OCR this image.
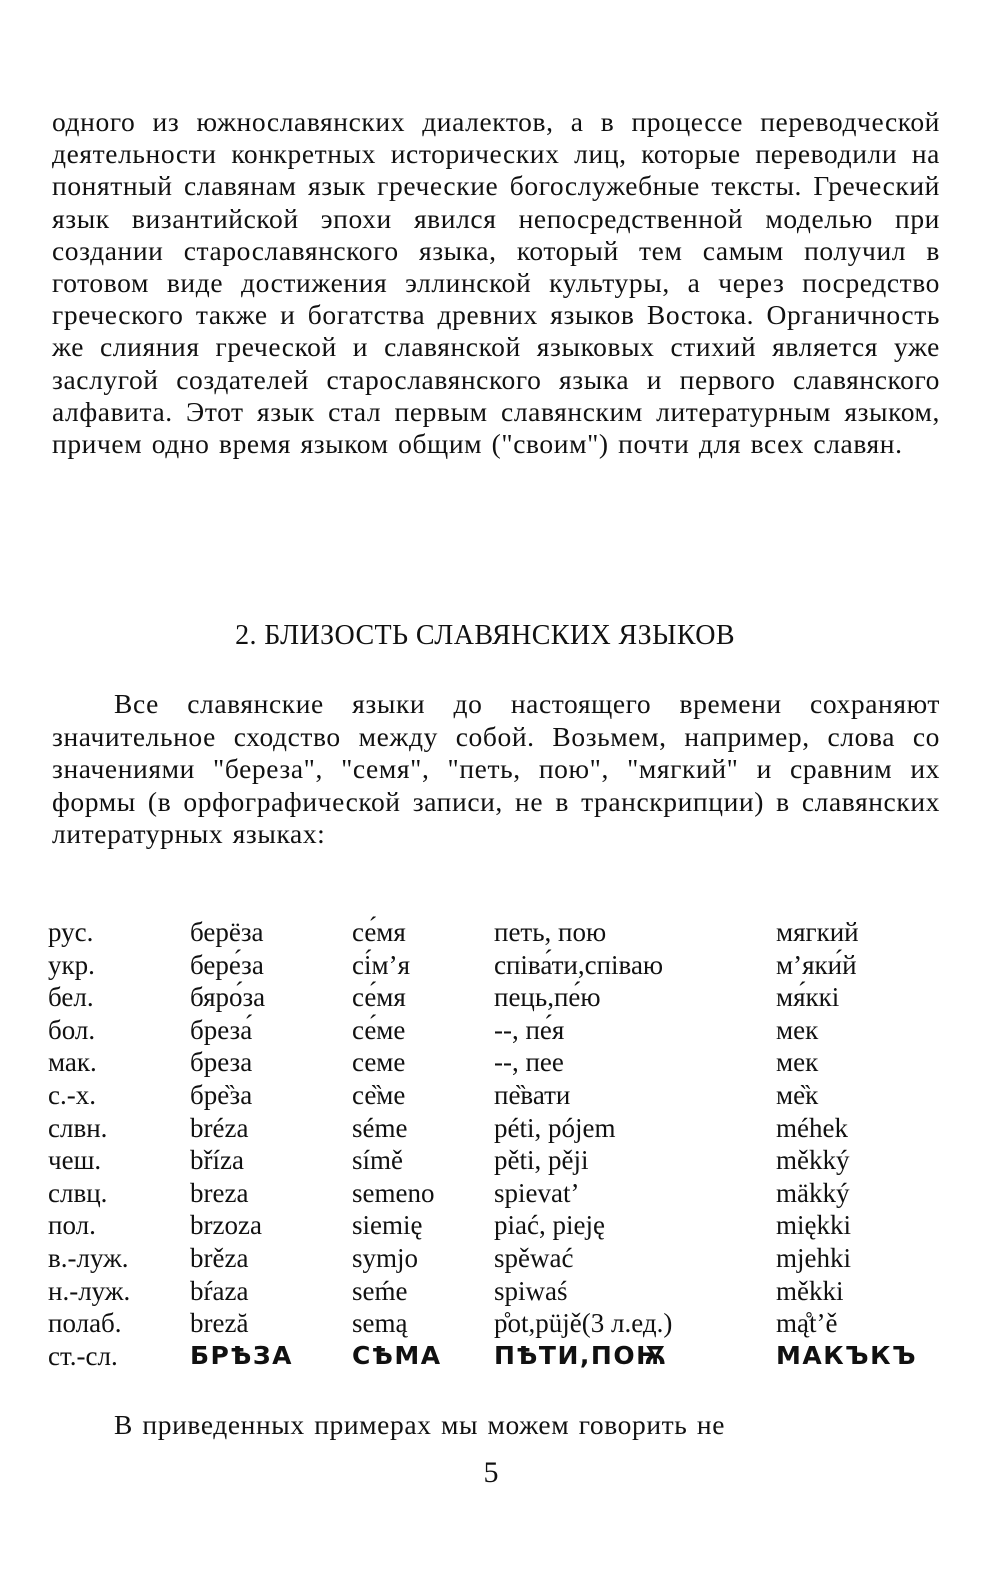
одного из южнославянских диалектов, а в процессе переводческой деятельности конкретных исторических лиц, которые переводили на понятный славянам язык греческие богослужебные тексты. Греческий язык византийской эпохи явился непосредственной моделью при создании старославянского языка, который тем самым получил в готовом виде достижения эллинской культуры, а через посредство греческого также и богатства древних языков Востока. Органичность же слияния греческой и славянской языковых стихий является уже заслугой создателей старославянского языка и первого славянского алфавита. Этот язык стал первым славянским литературным языком, причем одно время языком общим ("своим") почти для всех славян.

2. БЛИЗОСТЬ СЛАВЯНСКИХ ЯЗЫКОВ

Все славянские языки до настоящего времени сохраняют значительное сходство между собой. Возьмем, например, слова со значениями "береза", "семя", "петь, пою", "мягкий" и сравним их формы (в орфографической записи, не в транскрипции) в славянских литературных языках:

рус.	берёза	се́мя	петь, пою	мягкий
укр.	бере́за	сі́м’я	співа́ти,співаю	м’яки́й
бел.	бяро́за	се́мя	пець,пе́ю	мя́ккі
бол.	бреза́	се́ме	--, пе́я	мек
мак.	бреза	семе	--, пее	мек
с.-х.	бре̏за	се̏ме	пе̏вати	ме̏к
слвн.	bréza	séme	péti, pójem	méhek
чеш.	bříza	símě	pěti, pěji	měkký
слвц.	breza	semeno	spievat’	mäkký
пол.	brzoza	siemię	piać, pieję	miękki
в.-луж.	brěza	symjo	spěwać	mjehki
н.-луж.	bŕaza	seḿe	spiwaś	měkki
полаб.	breză	semą	p̊ot,püjě(3 л.ед.)	mą̊t’ě
ст.-сл.	БРѢЗА	СѢМА	ПѢТИ,ПОѬ	МАКЪКЪ

В приведенных примерах мы можем говорить не

5
